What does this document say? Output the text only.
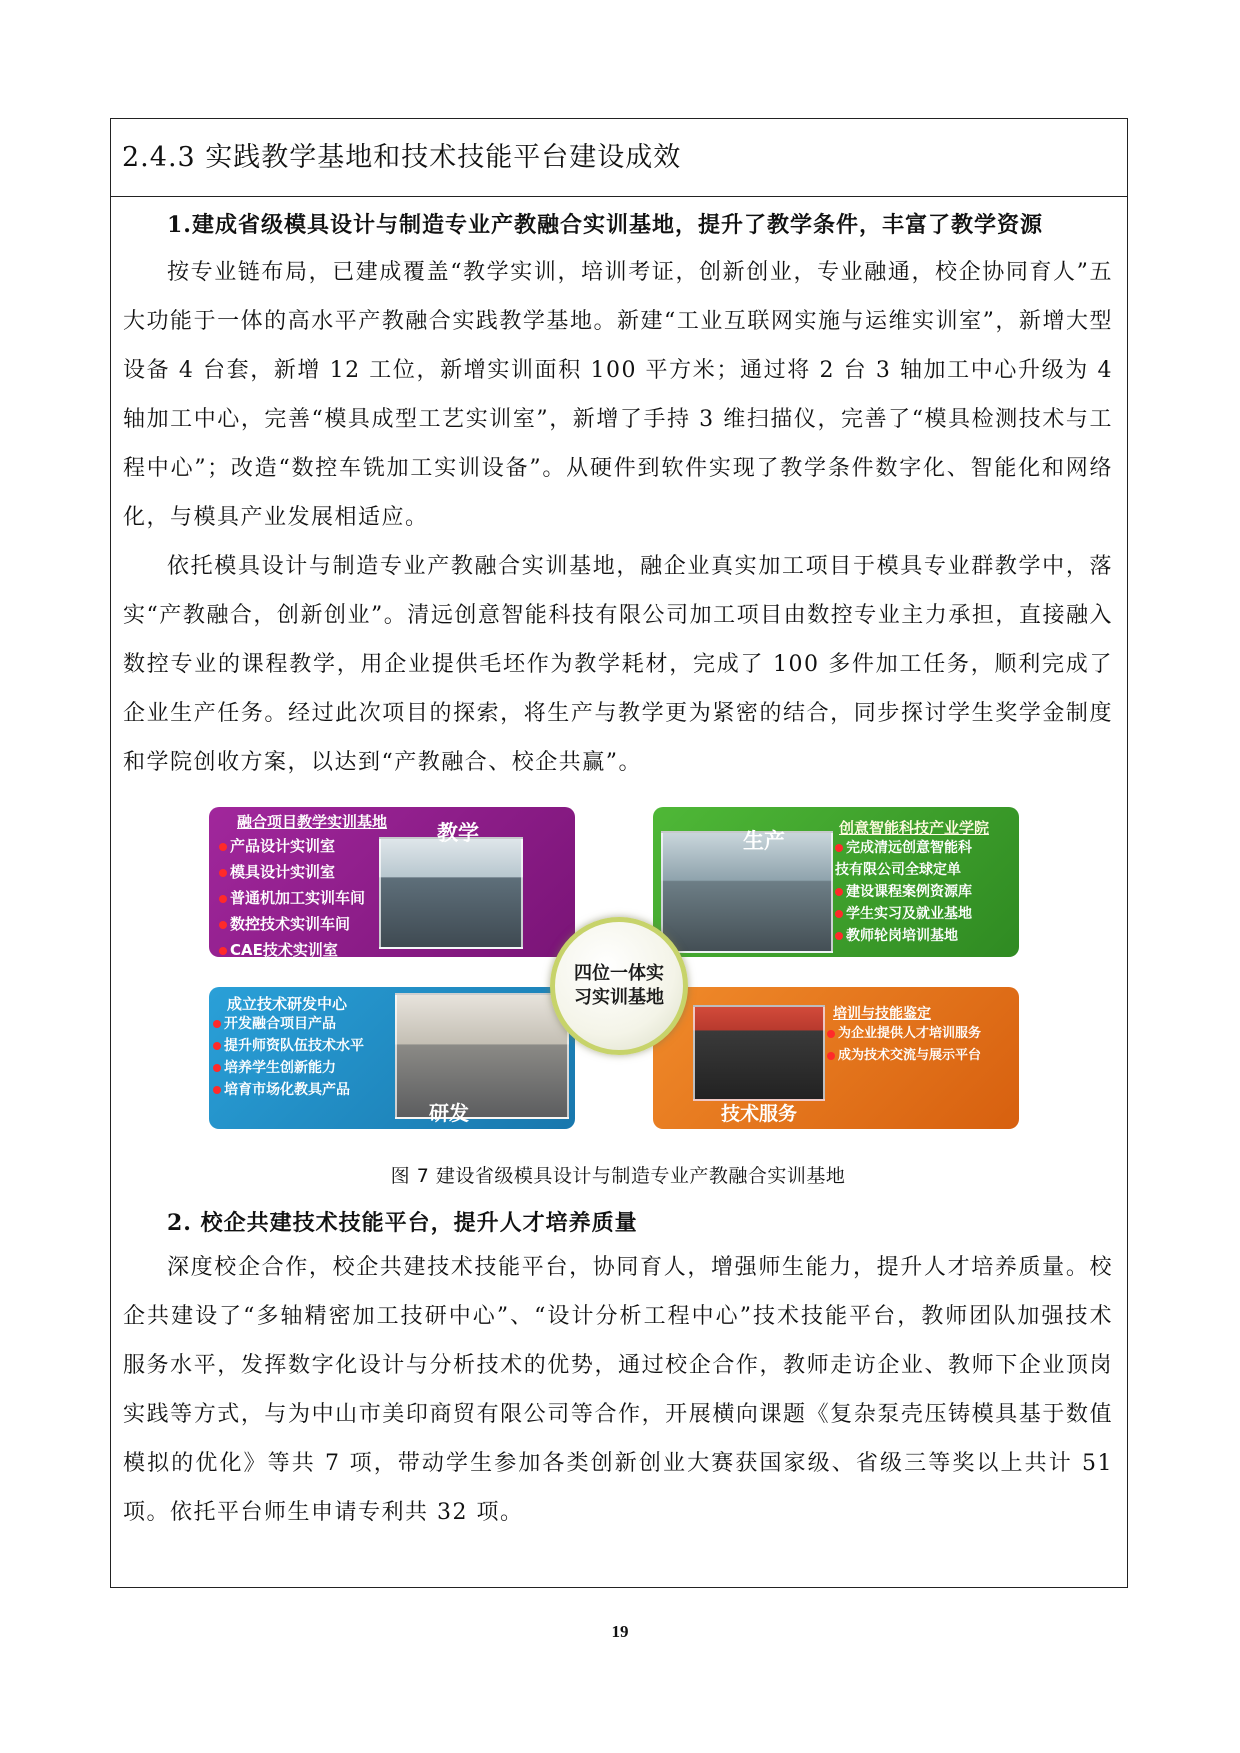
2.4.3 实践教学基地和技术技能平台建设成效

1.建成省级模具设计与制造专业产教融合实训基地，提升了教学条件，丰富了教学资源

按专业链布局，已建成覆盖“教学实训，培训考证，创新创业，专业融通，校企协同育人”五大功能于一体的高水平产教融合实践教学基地。新建“工业互联网实施与运维实训室”，新增大型设备 4 台套，新增 12 工位，新增实训面积 100 平方米；通过将 2 台 3 轴加工中心升级为 4 轴加工中心，完善“模具成型工艺实训室”，新增了手持 3 维扫描仪，完善了“模具检测技术与工程中心”；改造“数控车铣加工实训设备”。从硬件到软件实现了教学条件数字化、智能化和网络化，与模具产业发展相适应。

依托模具设计与制造专业产教融合实训基地，融企业真实加工项目于模具专业群教学中，落实“产教融合，创新创业”。清远创意智能科技有限公司加工项目由数控专业主力承担，直接融入数控专业的课程教学，用企业提供毛坯作为教学耗材，完成了 100 多件加工任务，顺利完成了企业生产任务。经过此次项目的探索，将生产与教学更为紧密的结合，同步探讨学生奖学金制度和学院创收方案，以达到“产教融合、校企共赢”。

融合项目教学实训基地 教学
产品设计实训室
模具设计实训室
普通机加工实训车间
数控技术实训车间
CAE技术实训室
生产
创意智能科技产业学院
完成清远创意智能科
技有限公司全球定单
建设课程案例资源库
学生实习及就业基地
教师轮岗培训基地
成立技术研发中心
开发融合项目产品
提升师资队伍技术水平
培养学生创新能力
培育市场化教具产品
研发
培训与技能鉴定
为企业提供人才培训服务
成为技术交流与展示平台
技术服务
四位一体实
习实训基地
图 7 建设省级模具设计与制造专业产教融合实训基地

2. 校企共建技术技能平台，提升人才培养质量

深度校企合作，校企共建技术技能平台，协同育人，增强师生能力，提升人才培养质量。校企共建设了“多轴精密加工技研中心”、“设计分析工程中心”技术技能平台，教师团队加强技术服务水平，发挥数字化设计与分析技术的优势，通过校企合作，教师走访企业、教师下企业顶岗实践等方式，与为中山市美印商贸有限公司等合作，开展横向课题《复杂泵壳压铸模具基于数值模拟的优化》等共 7 项，带动学生参加各类创新创业大赛获国家级、省级三等奖以上共计 51 项。依托平台师生申请专利共 32 项。

19
